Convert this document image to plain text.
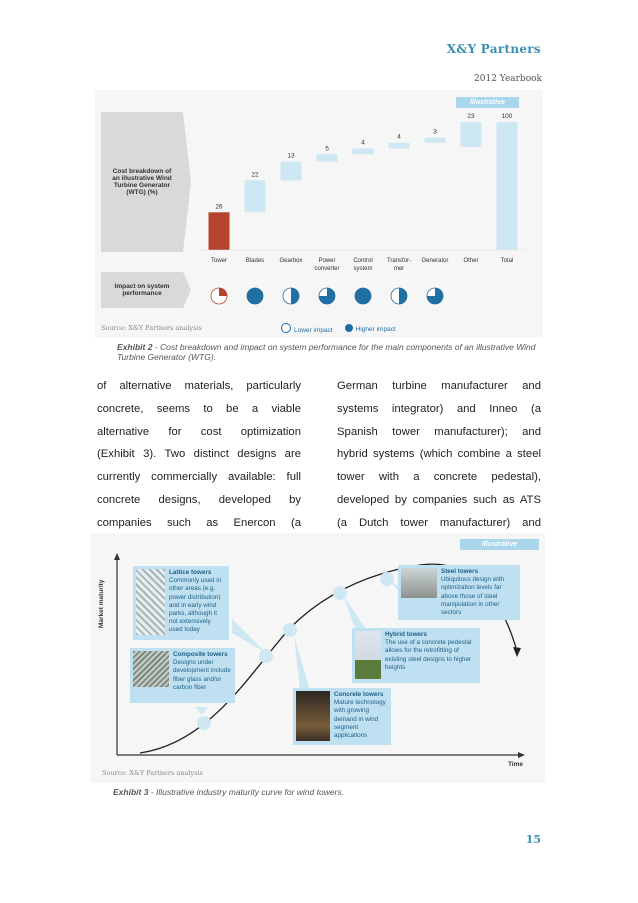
X&Y Partners
2012 Yearbook
Illustrative
Cost breakdown of an illustrative Wind Turbine Generator (WTG) (%)
Impact on system performance
26
Tower
22
Blades
13
Gearbox
5
Power
converter
4
Control
system
4
Transfor-
mer
3
Generator
23
Other
100
Total
Source: X&Y Partners analysis	Lower impact	Higher impact
Exhibit 2 - Cost breakdown and impact on system performance for the main components of an illustrative Wind Turbine Generator (WTG).
of alternative materials, particularly
concrete, seems to be a viable
alternative for cost optimization
(Exhibit 3). Two distinct designs are
currently commercially available: full
concrete designs, developed by
companies such as Enercon (a
German turbine manufacturer and
systems integrator) and Inneo (a
Spanish tower manufacturer); and
hybrid systems (which combine a steel
tower with a concrete pedestal),
developed by companies such as ATS
(a Dutch tower manufacturer) and
Illustrative
Market maturity
Time
Lattice towers
Commonly used in other areas (e.g. power distribution) and in early wind parks, although it not extensively used today
Composite towers
Designs under development include fiber glass and/or carbon fiber
Concrete towers
Mature technology with growing demand in wind segment applications
Hybrid towers
The use of a concrete pedestal allows for the retrofitting of existing steel designs to higher heights
Steel towers
Ubiquitous design with optimization levels far above those of steel manipulation in other sectors
Source: X&Y Partners analysis
Exhibit 3 - Illustrative industry maturity curve for wind towers.
15
